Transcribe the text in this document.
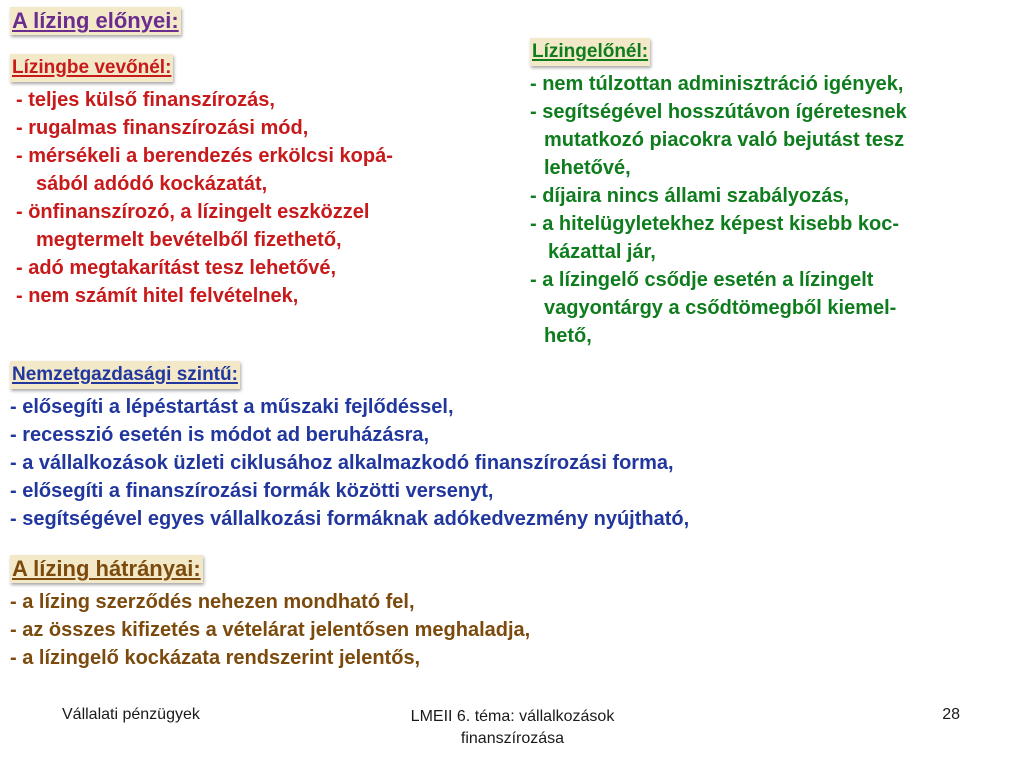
A lízing előnyei:
Lízingbe vevőnél:
- teljes külső finanszírozás,
- rugalmas finanszírozási mód,
- mérsékeli a berendezés erkölcsi kopá-
sából adódó kockázatát,
- önfinanszírozó, a lízingelt eszközzel
megtermelt bevételből fizethető,
- adó megtakarítást tesz lehetővé,
- nem számít hitel felvételnek,
Lízingelőnél:
- nem túlzottan adminisztráció igények,
- segítségével hosszútávon ígéretesnek
mutatkozó piacokra való bejutást tesz
lehetővé,
- díjaira nincs állami szabályozás,
- a hitelügyletekhez képest kisebb koc-
kázattal jár,
- a lízingelő csődje esetén a lízingelt
vagyontárgy a csődtömegből kiemel-
hető,
Nemzetgazdasági szintű:
- elősegíti a lépéstartást a műszaki fejlődéssel,
- recesszió esetén is módot ad beruházásra,
- a vállalkozások üzleti ciklusához alkalmazkodó finanszírozási forma,
- elősegíti a finanszírozási formák közötti versenyt,
- segítségével egyes vállalkozási formáknak adókedvezmény nyújtható,
A lízing hátrányai:
- a lízing szerződés nehezen mondható fel,
- az összes kifizetés a vételárat jelentősen meghaladja,
- a lízingelő kockázata rendszerint jelentős,
Vállalati pénzügyek	LMEII 6. téma: vállalkozások
finanszírozása
28
